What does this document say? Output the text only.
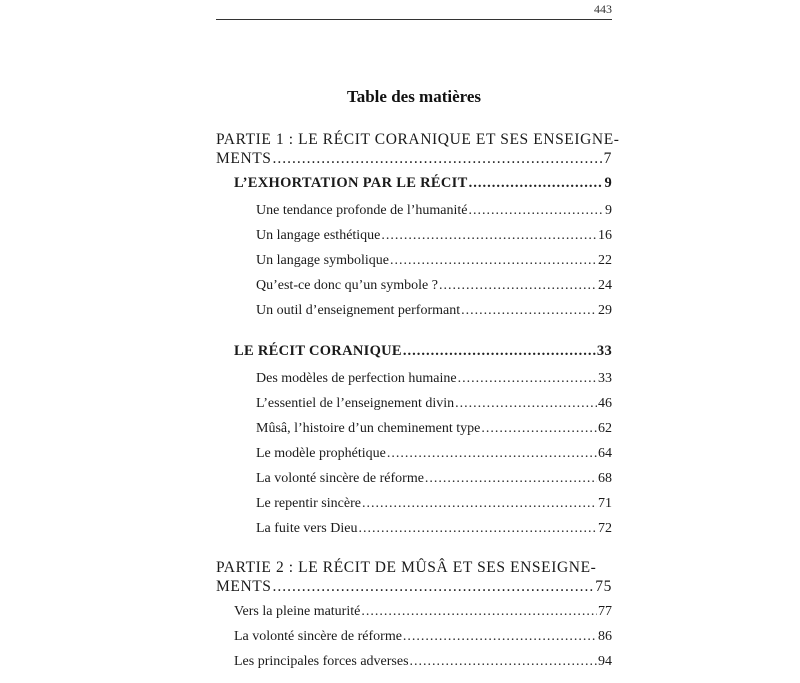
443
Table des matières
PARTIE 1 : LE RÉCIT CORANIQUE ET SES ENSEIGNE-
MENTS .....	7
L’EXHORTATION PAR LE RÉCIT .....	9
Une tendance profonde de l’humanité .....	9
Un langage esthétique .....	16
Un langage symbolique .....	22
Qu’est-ce donc qu’un symbole ? .....	24
Un outil d’enseignement performant .....	29
LE RÉCIT CORANIQUE .....	33
Des modèles de perfection humaine .....	33
L’essentiel de l’enseignement divin .....	46
Mûsâ, l’histoire d’un cheminement type .....	62
Le modèle prophétique .....	64
La volonté sincère de réforme .....	68
Le repentir sincère .....	71
La fuite vers Dieu .....	72
PARTIE 2 : LE RÉCIT DE MÛSÂ ET SES ENSEIGNE-
MENTS .....	75
Vers la pleine maturité .....	77
La volonté sincère de réforme .....	86
Les principales forces adverses .....	94
